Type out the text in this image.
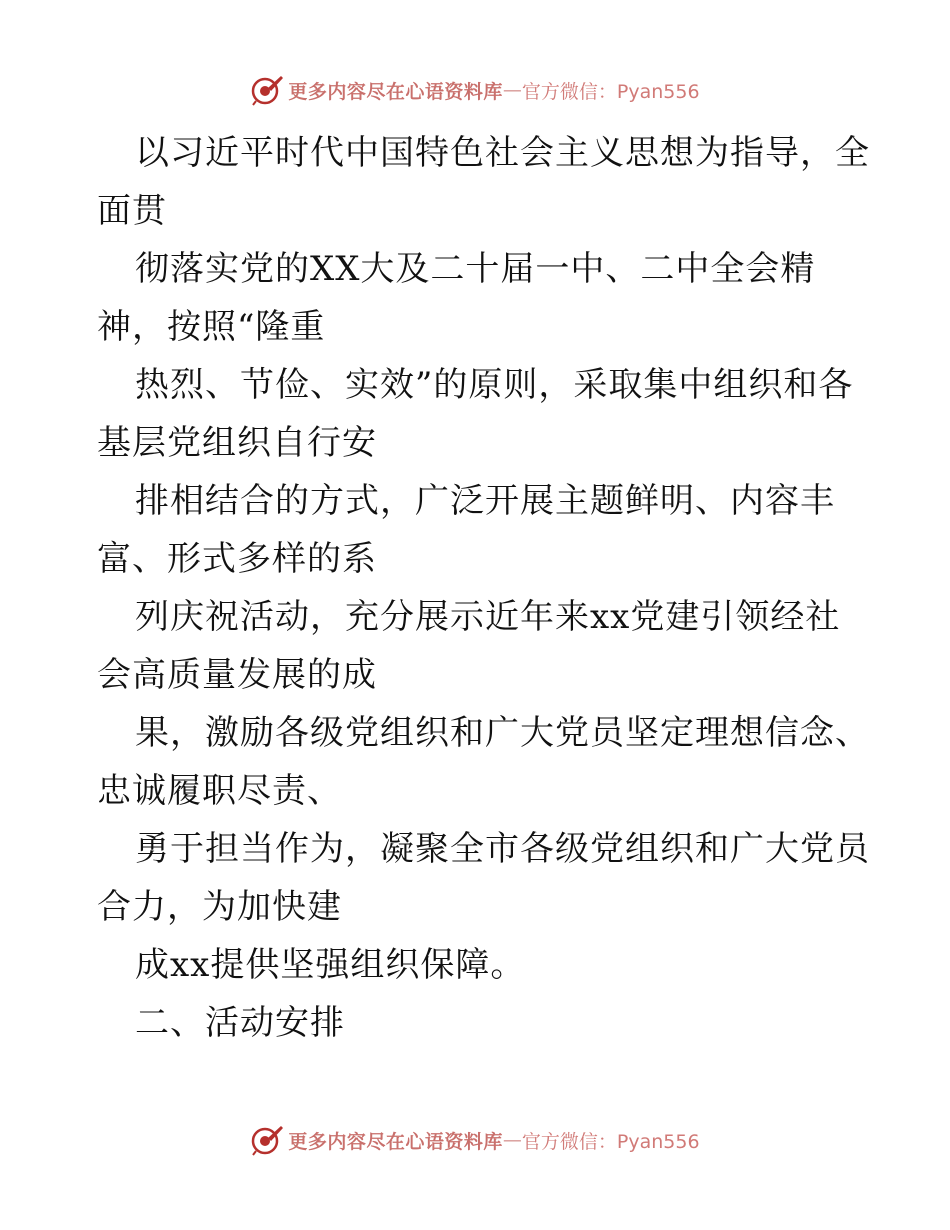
更多内容尽在心语资料库 — 官方微信：Pyan556
以习近平时代中国特色社会主义思想为指导，全
面贯
彻落实党的XX大及二十届一中、二中全会精
神，按照“隆重
热烈、节俭、实效”的原则，采取集中组织和各
基层党组织自行安
排相结合的方式，广泛开展主题鲜明、内容丰
富、形式多样的系
列庆祝活动，充分展示近年来xx党建引领经社
会高质量发展的成
果，激励各级党组织和广大党员坚定理想信念、
忠诚履职尽责、
勇于担当作为，凝聚全市各级党组织和广大党员
合力，为加快建
成xx提供坚强组织保障。
二、活动安排
更多内容尽在心语资料库 — 官方微信：Pyan556
